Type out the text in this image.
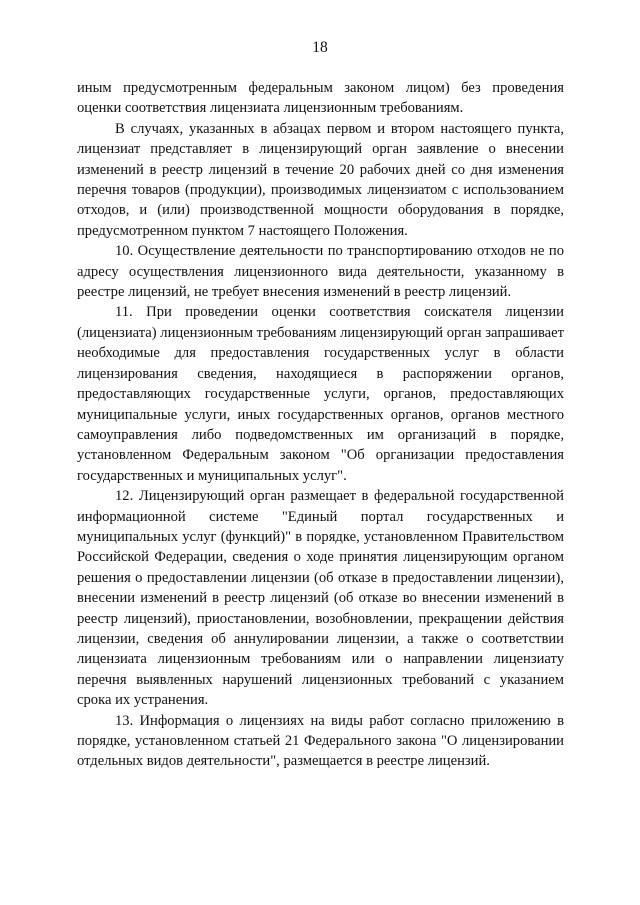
18

иным предусмотренным федеральным законом лицом) без проведения оценки соответствия лицензиата лицензионным требованиям.

В случаях, указанных в абзацах первом и втором настоящего пункта, лицензиат представляет в лицензирующий орган заявление о внесении изменений в реестр лицензий в течение 20 рабочих дней со дня изменения перечня товаров (продукции), производимых лицензиатом с использованием отходов, и (или) производственной мощности оборудования в порядке, предусмотренном пунктом 7 настоящего Положения.

10. Осуществление деятельности по транспортированию отходов не по адресу осуществления лицензионного вида деятельности, указанному в реестре лицензий, не требует внесения изменений в реестр лицензий.

11. При проведении оценки соответствия соискателя лицензии (лицензиата) лицензионным требованиям лицензирующий орган запрашивает необходимые для предоставления государственных услуг в области лицензирования сведения, находящиеся в распоряжении органов, предоставляющих государственные услуги, органов, предоставляющих муниципальные услуги, иных государственных органов, органов местного самоуправления либо подведомственных им организаций в порядке, установленном Федеральным законом "Об организации предоставления государственных и муниципальных услуг".

12. Лицензирующий орган размещает в федеральной государственной информационной системе "Единый портал государственных и муниципальных услуг (функций)" в порядке, установленном Правительством Российской Федерации, сведения о ходе принятия лицензирующим органом решения о предоставлении лицензии (об отказе в предоставлении лицензии), внесении изменений в реестр лицензий (об отказе во внесении изменений в реестр лицензий), приостановлении, возобновлении, прекращении действия лицензии, сведения об аннулировании лицензии, а также о соответствии лицензиата лицензионным требованиям или о направлении лицензиату перечня выявленных нарушений лицензионных требований с указанием срока их устранения.

13. Информация о лицензиях на виды работ согласно приложению в порядке, установленном статьей 21 Федерального закона "О лицензировании отдельных видов деятельности", размещается в реестре лицензий.
